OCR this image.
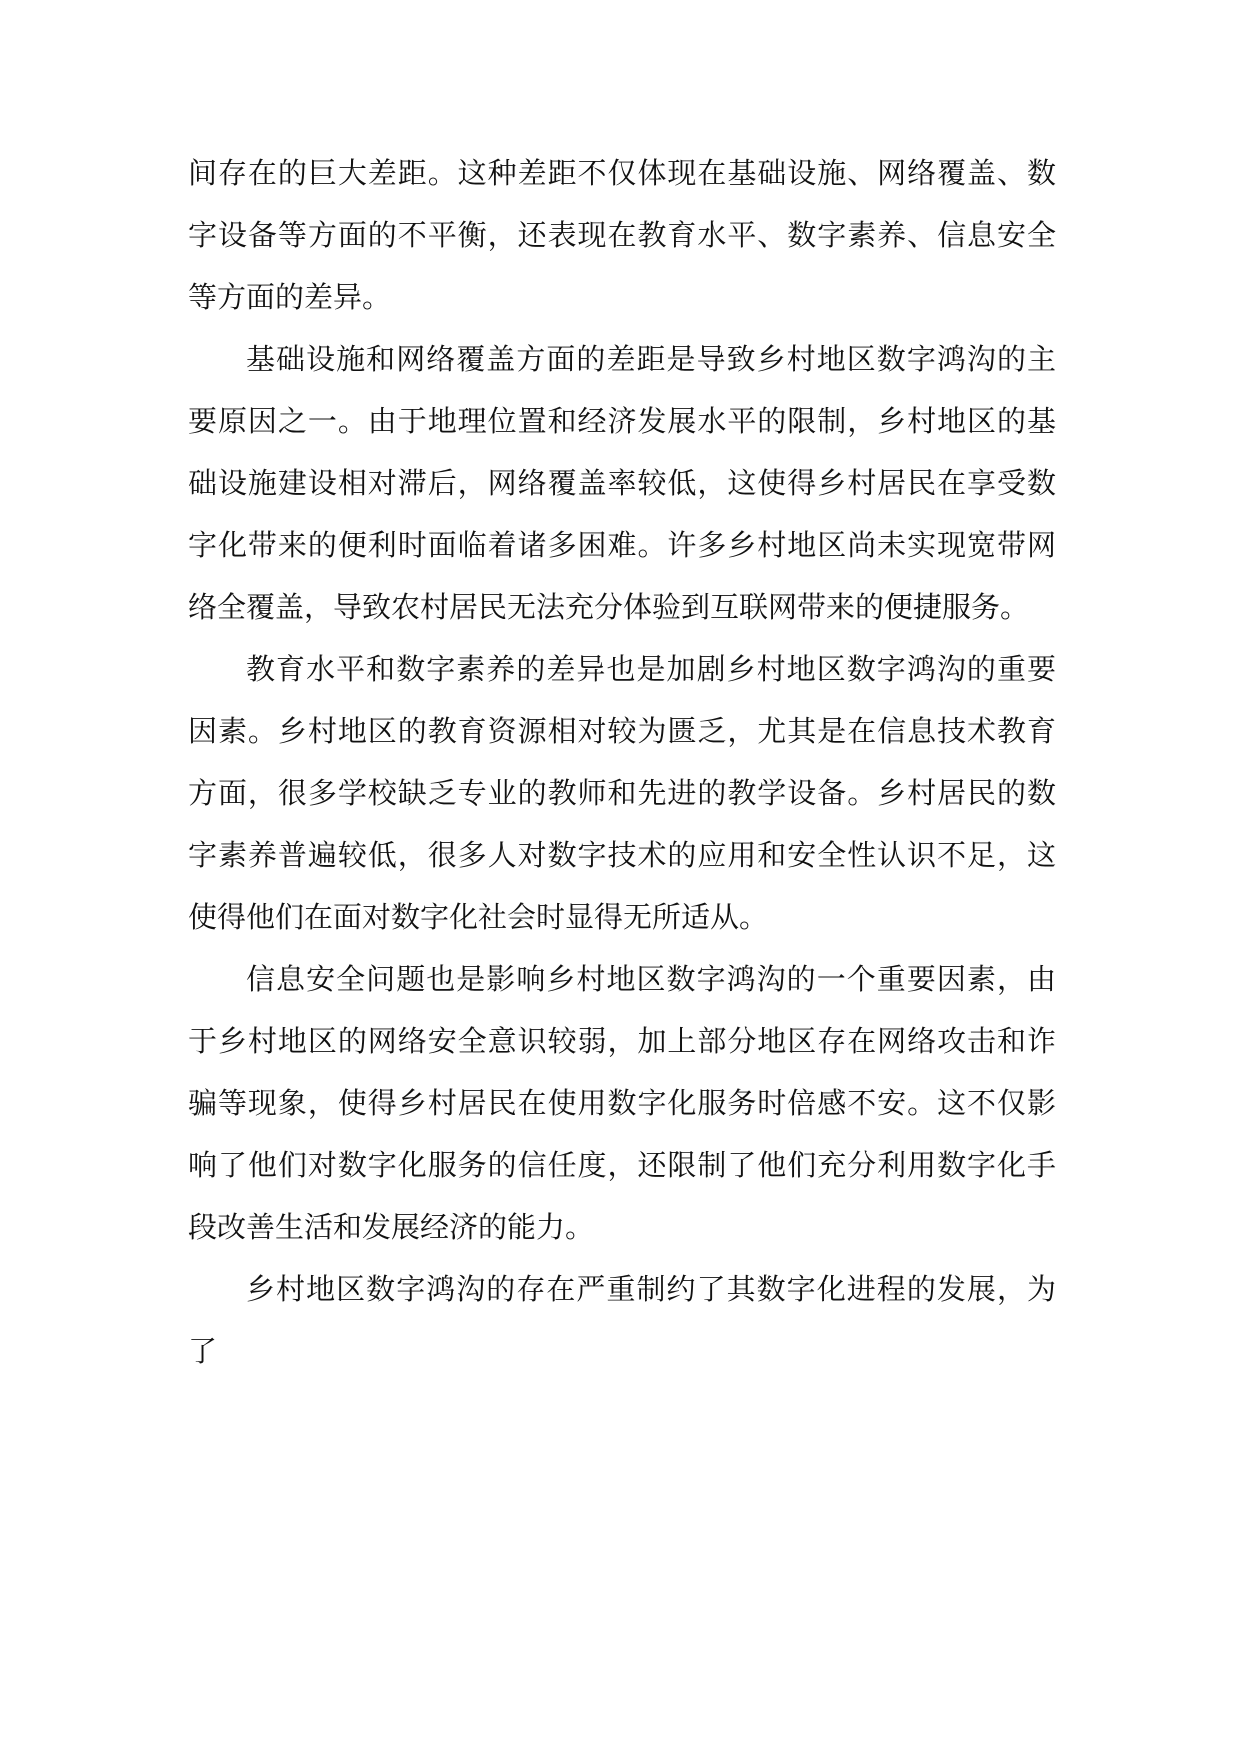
间存在的巨大差距。这种差距不仅体现在基础设施、网络覆盖、数字设备等方面的不平衡，还表现在教育水平、数字素养、信息安全等方面的差异。

基础设施和网络覆盖方面的差距是导致乡村地区数字鸿沟的主要原因之一。由于地理位置和经济发展水平的限制，乡村地区的基础设施建设相对滞后，网络覆盖率较低，这使得乡村居民在享受数字化带来的便利时面临着诸多困难。许多乡村地区尚未实现宽带网络全覆盖，导致农村居民无法充分体验到互联网带来的便捷服务。

教育水平和数字素养的差异也是加剧乡村地区数字鸿沟的重要因素。乡村地区的教育资源相对较为匮乏，尤其是在信息技术教育方面，很多学校缺乏专业的教师和先进的教学设备。乡村居民的数字素养普遍较低，很多人对数字技术的应用和安全性认识不足，这使得他们在面对数字化社会时显得无所适从。

信息安全问题也是影响乡村地区数字鸿沟的一个重要因素，由于乡村地区的网络安全意识较弱，加上部分地区存在网络攻击和诈骗等现象，使得乡村居民在使用数字化服务时倍感不安。这不仅影响了他们对数字化服务的信任度，还限制了他们充分利用数字化手段改善生活和发展经济的能力。

乡村地区数字鸿沟的存在严重制约了其数字化进程的发展，为了
